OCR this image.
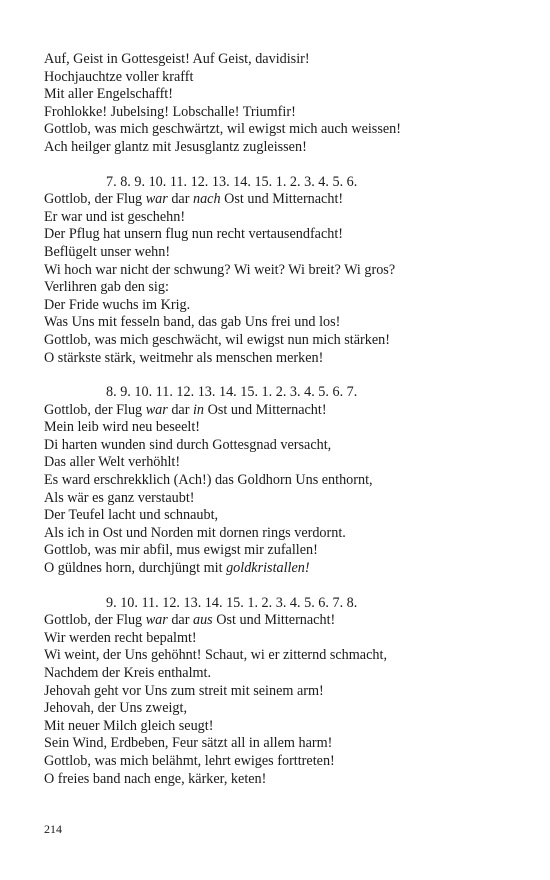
Auf, Geist in Gottesgeist! Auf Geist, davidisir!
Hochjauchtze voller krafft
Mit aller Engelschafft!
Frohlokke! Jubelsing! Lobschalle! Triumfir!
Gottlob, was mich geschwärtzt, wil ewigst mich auch weissen!
Ach heilger glantz mit Jesusglantz zugleissen!
7. 8. 9. 10. 11. 12. 13. 14. 15. 1. 2. 3. 4. 5. 6.
Gottlob, der Flug war dar nach Ost und Mitternacht!
Er war und ist geschehn!
Der Pflug hat unsern flug nun recht vertausendfacht!
Beflügelt unser wehn!
Wi hoch war nicht der schwung? Wi weit? Wi breit? Wi gros?
Verlihren gab den sig:
Der Fride wuchs im Krig.
Was Uns mit fesseln band, das gab Uns frei und los!
Gottlob, was mich geschwächt, wil ewigst nun mich stärken!
O stärkste stärk, weitmehr als menschen merken!
8. 9. 10. 11. 12. 13. 14. 15. 1. 2. 3. 4. 5. 6. 7.
Gottlob, der Flug war dar in Ost und Mitternacht!
Mein leib wird neu beseelt!
Di harten wunden sind durch Gottesgnad versacht,
Das aller Welt verhöhlt!
Es ward erschrekklich (Ach!) das Goldhorn Uns enthornt,
Als wär es ganz verstaubt!
Der Teufel lacht und schnaubt,
Als ich in Ost und Norden mit dornen rings verdornt.
Gottlob, was mir abfil, mus ewigst mir zufallen!
O güldnes horn, durchjüngt mit goldkristallen!
9. 10. 11. 12. 13. 14. 15. 1. 2. 3. 4. 5. 6. 7. 8.
Gottlob, der Flug war dar aus Ost und Mitternacht!
Wir werden recht bepalmt!
Wi weint, der Uns gehöhnt! Schaut, wi er zitternd schmacht,
Nachdem der Kreis enthalmt.
Jehovah geht vor Uns zum streit mit seinem arm!
Jehovah, der Uns zweigt,
Mit neuer Milch gleich seugt!
Sein Wind, Erdbeben, Feur sätzt all in allem harm!
Gottlob, was mich belähmt, lehrt ewiges forttreten!
O freies band nach enge, kärker, keten!
214
